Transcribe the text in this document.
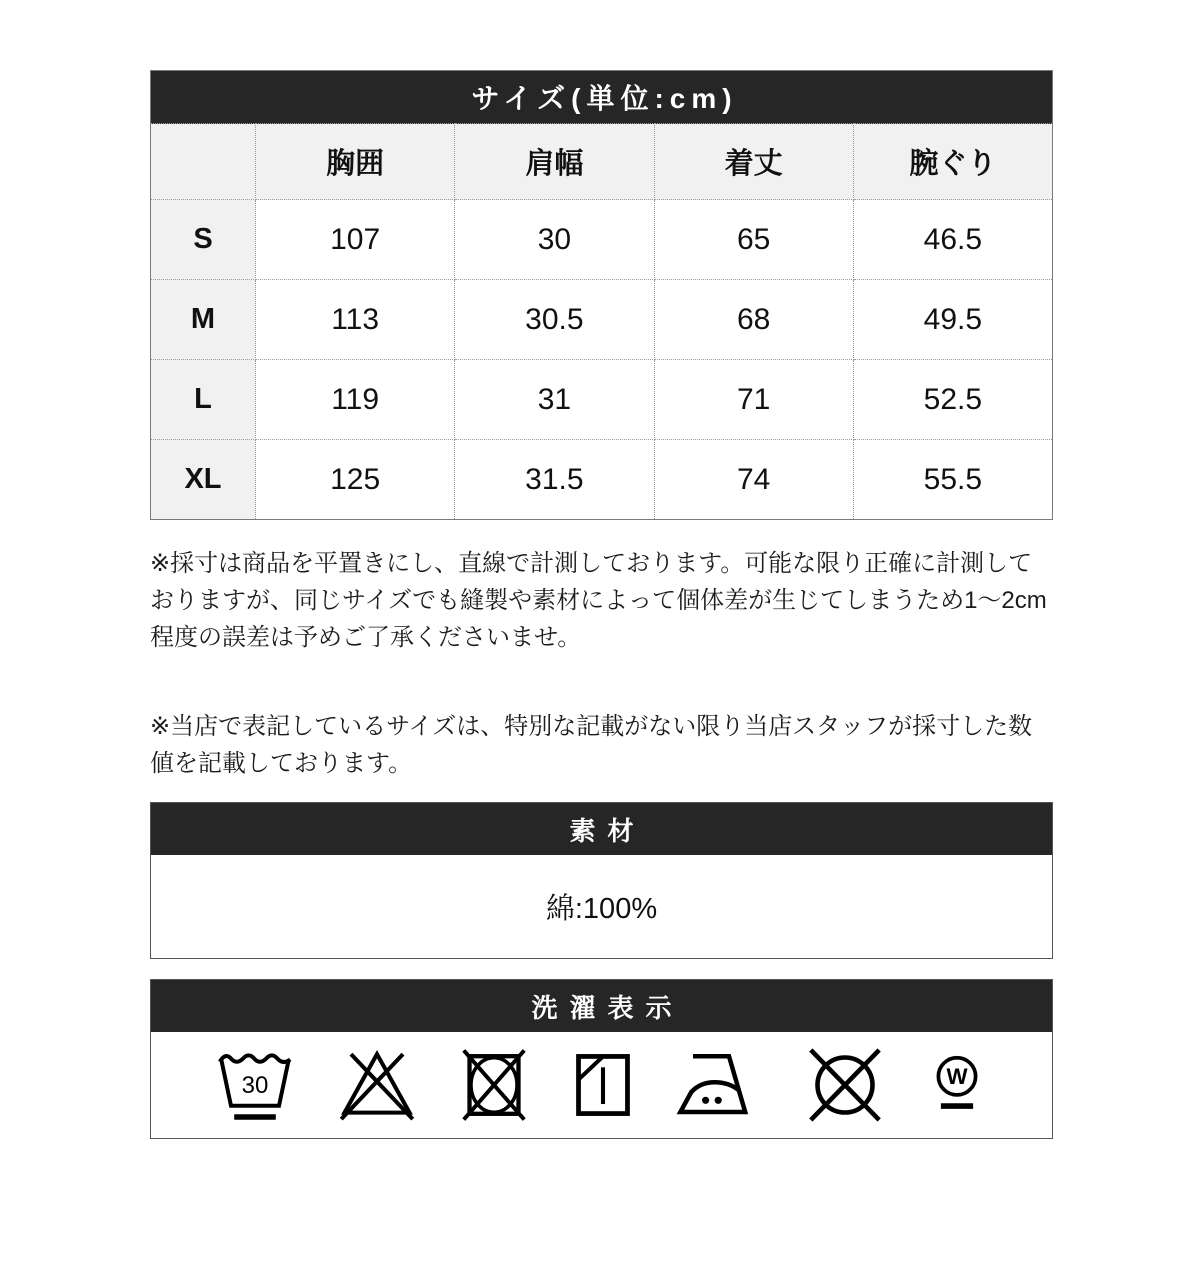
サイズ(単位:cm)				
	胸囲	肩幅	着丈	腕ぐり
S	107	30	65	46.5
M	113	30.5	68	49.5
L	119	31	71	52.5
XL	125	31.5	74	55.5

※採寸は商品を平置きにし、直線で計測しております。可能な限り正確に計測しておりますが、同じサイズでも縫製や素材によって個体差が生じてしまうため1〜2cm程度の誤差は予めご了承くださいませ。

※当店で表記しているサイズは、特別な記載がない限り当店スタッフが採寸した数値を記載しております。

素材
綿:100%
洗濯表示
30	W
